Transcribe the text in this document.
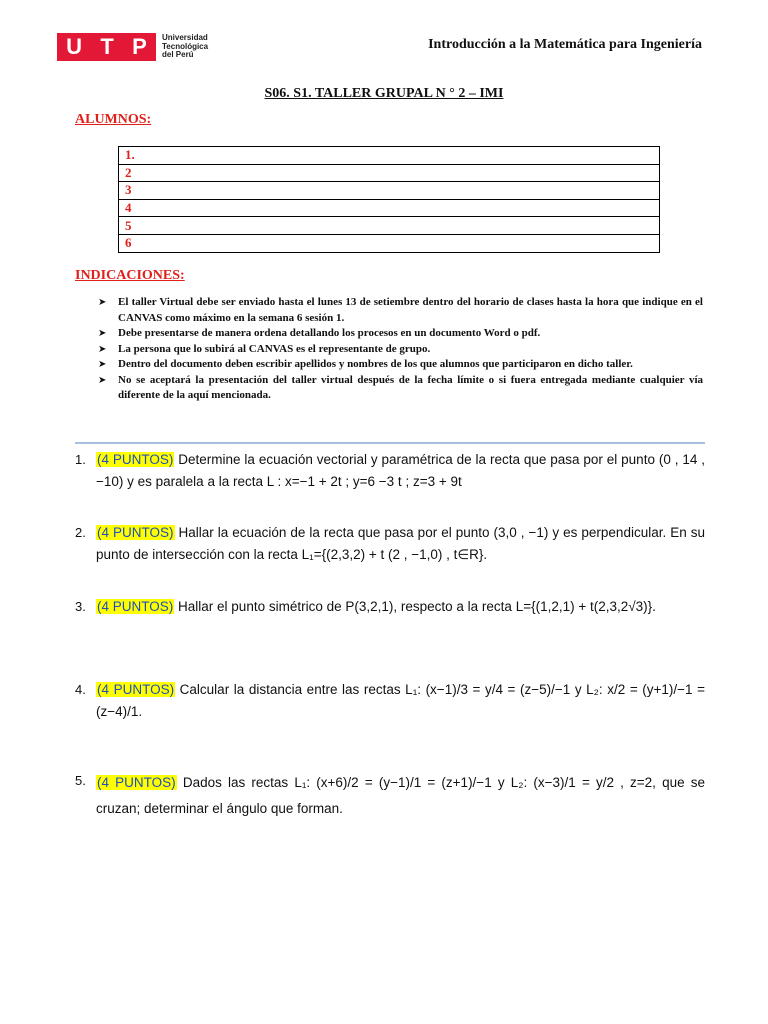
U T P Universidad
Tecnológica
del Perú
Introducción a la Matemática para Ingeniería
S06. S1. TALLER GRUPAL N ° 2 – IMI
ALUMNOS:
1.
2
3
4
5
6
INDICACIONES:
➤ El taller Virtual debe ser enviado hasta el lunes 13 de setiembre dentro del horario de clases hasta la hora que indique en el CANVAS como máximo en la semana 6 sesión 1.
➤ Debe presentarse de manera ordena detallando los procesos en un documento Word o pdf.
➤ La persona que lo subirá al CANVAS es el representante de grupo.
➤ Dentro del documento deben escribir apellidos y nombres de los que alumnos que participaron en dicho taller.
➤ No se aceptará la presentación del taller virtual después de la fecha límite o si fuera entregada mediante cualquier vía diferente de la aquí mencionada.
1. (4 PUNTOS) Determine la ecuación vectorial y paramétrica de la recta que pasa por el punto (0 , 14 , −10) y es paralela a la recta L : x=−1 + 2t ; y=6 −3 t ; z=3 + 9t
2. (4 PUNTOS) Hallar la ecuación de la recta que pasa por el punto (3,0 , −1) y es perpendicular. En su punto de intersección con la recta L₁={(2,3,2) + t (2 , −1,0) , t∈R}.
3. (4 PUNTOS) Hallar el punto simétrico de P(3,2,1), respecto a la recta L={(1,2,1) + t(2,3,2√3)}.
4. (4 PUNTOS) Calcular la distancia entre las rectas L₁: (x−1)/3 = y/4 = (z−5)/−1 y L₂: x/2 = (y+1)/−1 = (z−4)/1.
5. (4 PUNTOS) Dados las rectas L₁: (x+6)/2 = (y−1)/1 = (z+1)/−1 y L₂: (x−3)/1 = y/2 , z=2, que se cruzan; determinar el ángulo que forman.
